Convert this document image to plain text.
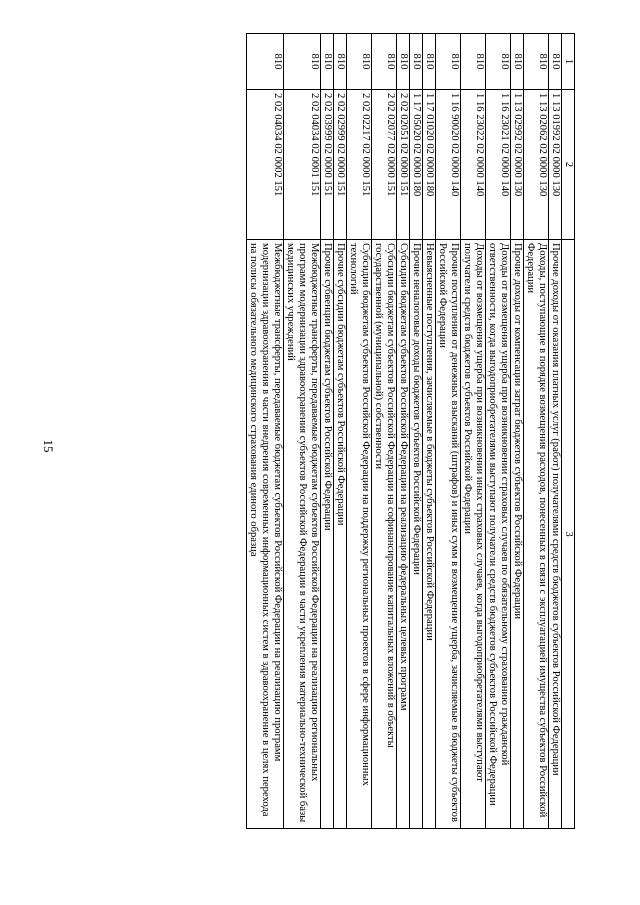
15
1	2	3
810	1 13 01992 02 0000 130	Прочие доходы от оказания платных услуг (работ) получателями средств бюджетов субъектов Российской Федерации
810	1 13 02062 02 0000 130	Доходы, поступающие в порядке возмещения расходов, понесенных в связи с эксплуатацией имущества субъектов Российской Федерации
810	1 13 02992 02 0000 130	Прочие доходы от компенсации затрат бюджетов субъектов Российской Федерации
810	1 16 23021 02 0000 140	Доходы от возмещения ущерба при возникновении страховых случаев по обязательному страхованию гражданской ответственности, когда выгодоприобретателями выступают получатели средств бюджетов субъектов Российской Федерации
810	1 16 23022 02 0000 140	Доходы от возмещения ущерба при возникновении иных страховых случаев, когда выгодоприобретателями выступают получатели средств бюджетов субъектов Российской Федерации
810	1 16 90020 02 0000 140	Прочие поступления от денежных взысканий (штрафов) и иных сумм в возмещение ущерба, зачисляемые в бюджеты субъектов Российской Федерации
810	1 17 01020 02 0000 180	Невыясненные поступления, зачисляемые в бюджеты субъектов Российской Федерации
810	1 17 05020 02 0000 180	Прочие неналоговые доходы бюджетов субъектов Российской Федерации
810	2 02 02051 02 0000 151	Субсидии бюджетам субъектов Российской Федерации на реализацию федеральных целевых программ
810	2 02 02077 02 0000 151	Субсидии бюджетам субъектов Российской Федерации на софинансирование капитальных вложений в объекты государственной (муниципальной) собственности
810	2 02 02217 02 0000 151	Субсидии бюджетам субъектов Российской Федерации на поддержку региональных проектов в сфере информационных технологий
810	2 02 02999 02 0000 151	Прочие субсидии бюджетам субъектов Российской Федерации
810	2 02 03999 02 0000 151	Прочие субвенции бюджетам субъектов Российской Федерации
810	2 02 04034 02 0001 151	Межбюджетные трансферты, передаваемые бюджетам субъектов Российской Федерации на реализацию региональных программ модернизации здравоохранения субъектов Российской Федерации в части укрепления материально-технической базы медицинских учреждений
810	2 02 04034 02 0002 151	Межбюджетные трансферты, передаваемые бюджетам субъектов Российской Федерации на реализацию программ модернизации здравоохранения в части внедрения современных информационных систем в здравоохранение в целях перехода на полисы обязательного медицинского страхования единого образца
